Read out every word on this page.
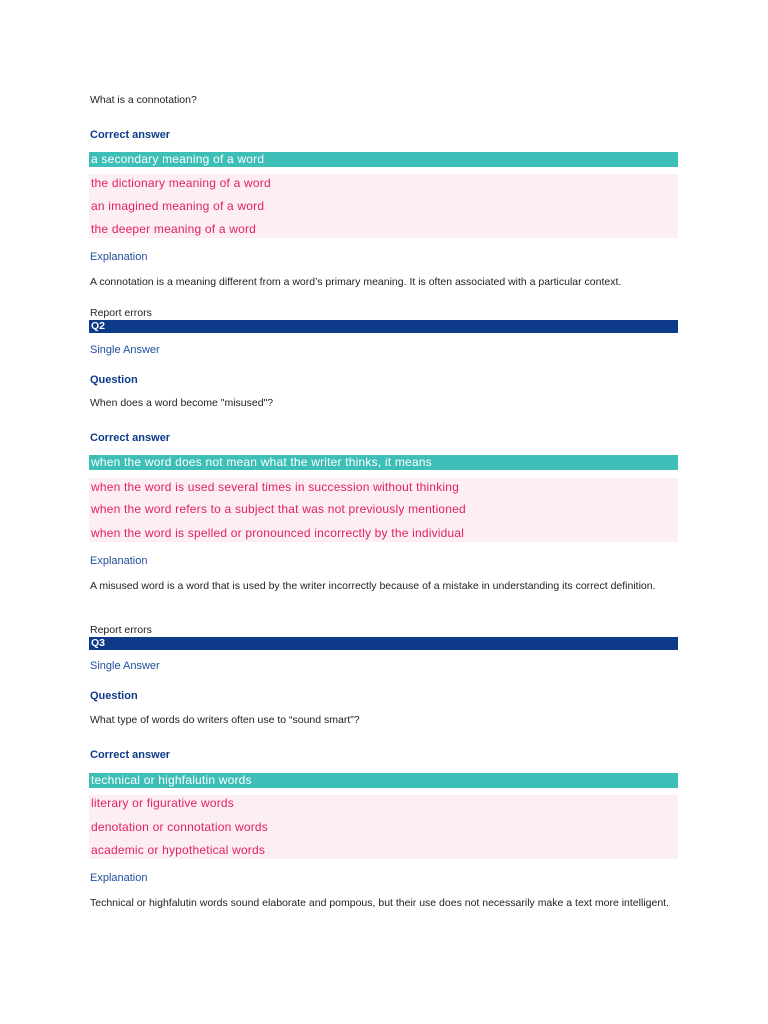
What is a connotation?
Correct answer
a secondary meaning of a word
the dictionary meaning of a word
an imagined meaning of a word
the deeper meaning of a word
Explanation
A connotation is a meaning different from a word’s primary meaning. It is often associated with a particular context.
Report errors
Q2
Single Answer
Question
When does a word become "misused"?
Correct answer
when the word does not mean what the writer thinks, it means
when the word is used several times in succession without thinking
when the word refers to a subject that was not previously mentioned
when the word is spelled or pronounced incorrectly by the individual
Explanation
A misused word is a word that is used by the writer incorrectly because of a mistake in understanding its correct definition.
Report errors
Q3
Single Answer
Question
What type of words do writers often use to “sound smart”?
Correct answer
technical or highfalutin words
literary or figurative words
denotation or connotation words
academic or hypothetical words
Explanation
Technical or highfalutin words sound elaborate and pompous, but their use does not necessarily make a text more intelligent.
